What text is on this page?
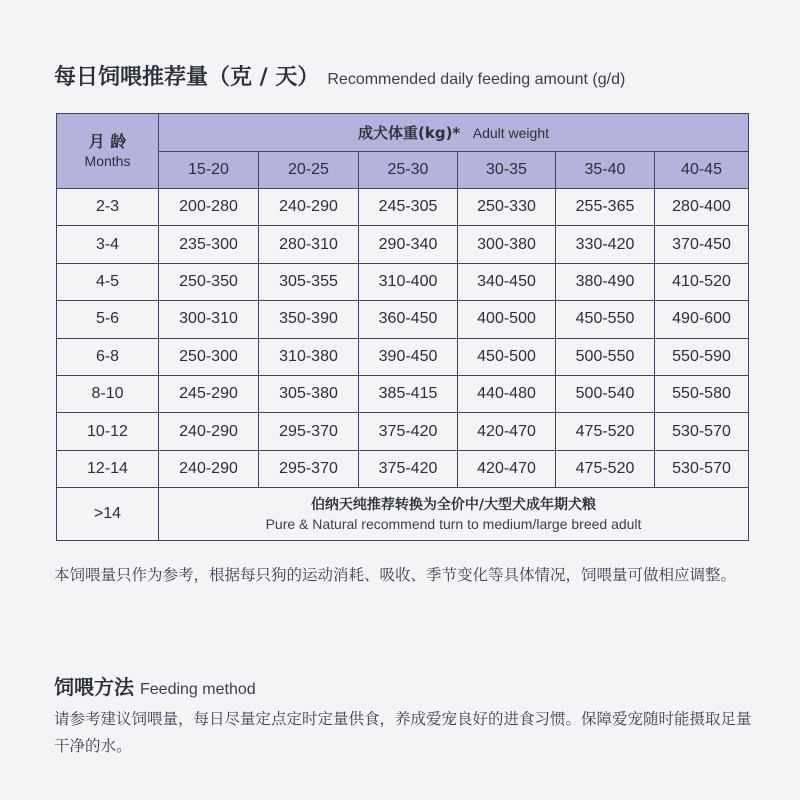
每日饲喂推荐量（克 / 天） Recommended daily feeding amount (g/d)
月 龄
Months	成犬体重(kg)* Adult weight					
	15-20	20-25	25-30	30-35	35-40	40-45
2-3	200-280	240-290	245-305	250-330	255-365	280-400
3-4	235-300	280-310	290-340	300-380	330-420	370-450
4-5	250-350	305-355	310-400	340-450	380-490	410-520
5-6	300-310	350-390	360-450	400-500	450-550	490-600
6-8	250-300	310-380	390-450	450-500	500-550	550-590
8-10	245-290	305-380	385-415	440-480	500-540	550-580
10-12	240-290	295-370	375-420	420-470	475-520	530-570
12-14	240-290	295-370	375-420	420-470	475-520	530-570
>14	伯纳天纯推荐转换为全价中/大型犬成年期犬粮
Pure & Natural recommend turn to medium/large breed adult					
本饲喂量只作为参考，根据每只狗的运动消耗、吸收、季节变化等具体情况，饲喂量可做相应调整。
饲喂方法 Feeding method
请参考建议饲喂量，每日尽量定点定时定量供食，养成爱宠良好的进食习惯。保障爱宠随时能摄取足量干净的水。
